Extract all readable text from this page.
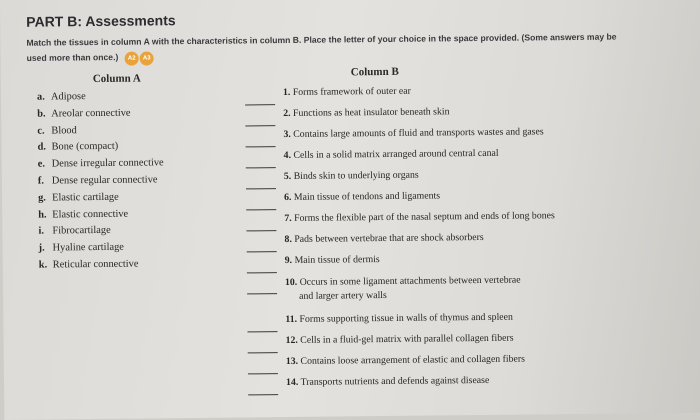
PART B: Assessments
Match the tissues in column A with the characteristics in column B. Place the letter of your choice in the space provided. (Some answers may be used more than once.) A2 A3
Column A
Column B
a. Adipose
b. Areolar connective
c. Blood
d. Bone (compact)
e. Dense irregular connective
f. Dense regular connective
g. Elastic cartilage
h. Elastic connective
i. Fibrocartilage
j. Hyaline cartilage
k. Reticular connective
1. Forms framework of outer ear
2. Functions as heat insulator beneath skin
3. Contains large amounts of fluid and transports wastes and gases
4. Cells in a solid matrix arranged around central canal
5. Binds skin to underlying organs
6. Main tissue of tendons and ligaments
7. Forms the flexible part of the nasal septum and ends of long bones
8. Pads between vertebrae that are shock absorbers
9. Main tissue of dermis
10. Occurs in some ligament attachments between vertebrae
and larger artery walls
11. Forms supporting tissue in walls of thymus and spleen
12. Cells in a fluid-gel matrix with parallel collagen fibers
13. Contains loose arrangement of elastic and collagen fibers
14. Transports nutrients and defends against disease
